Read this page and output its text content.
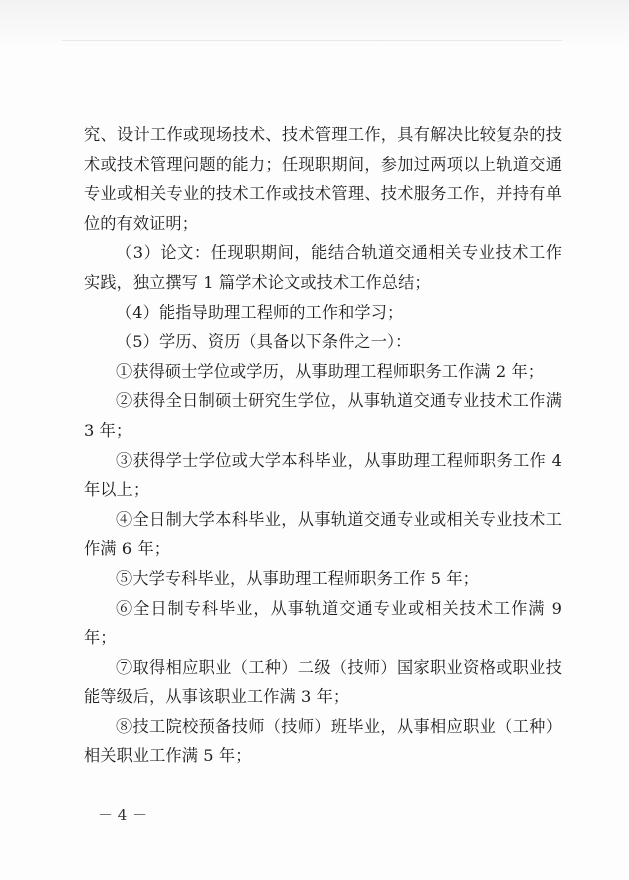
究、设计工作或现场技术、技术管理工作，具有解决比较复杂的技术或技术管理问题的能力；任现职期间，参加过两项以上轨道交通专业或相关专业的技术工作或技术管理、技术服务工作，并持有单位的有效证明；

（3）论文：任现职期间，能结合轨道交通相关专业技术工作实践，独立撰写 1 篇学术论文或技术工作总结；

（4）能指导助理工程师的工作和学习；

（5）学历、资历（具备以下条件之一）：

①获得硕士学位或学历，从事助理工程师职务工作满 2 年；

②获得全日制硕士研究生学位，从事轨道交通专业技术工作满 3 年；

③获得学士学位或大学本科毕业，从事助理工程师职务工作 4 年以上；

④全日制大学本科毕业，从事轨道交通专业或相关专业技术工作满 6 年；

⑤大学专科毕业，从事助理工程师职务工作 5 年；

⑥全日制专科毕业，从事轨道交通专业或相关技术工作满 9 年；

⑦取得相应职业（工种）二级（技师）国家职业资格或职业技能等级后，从事该职业工作满 3 年；

⑧技工院校预备技师（技师）班毕业，从事相应职业（工种）相关职业工作满 5 年；

－ 4 －
